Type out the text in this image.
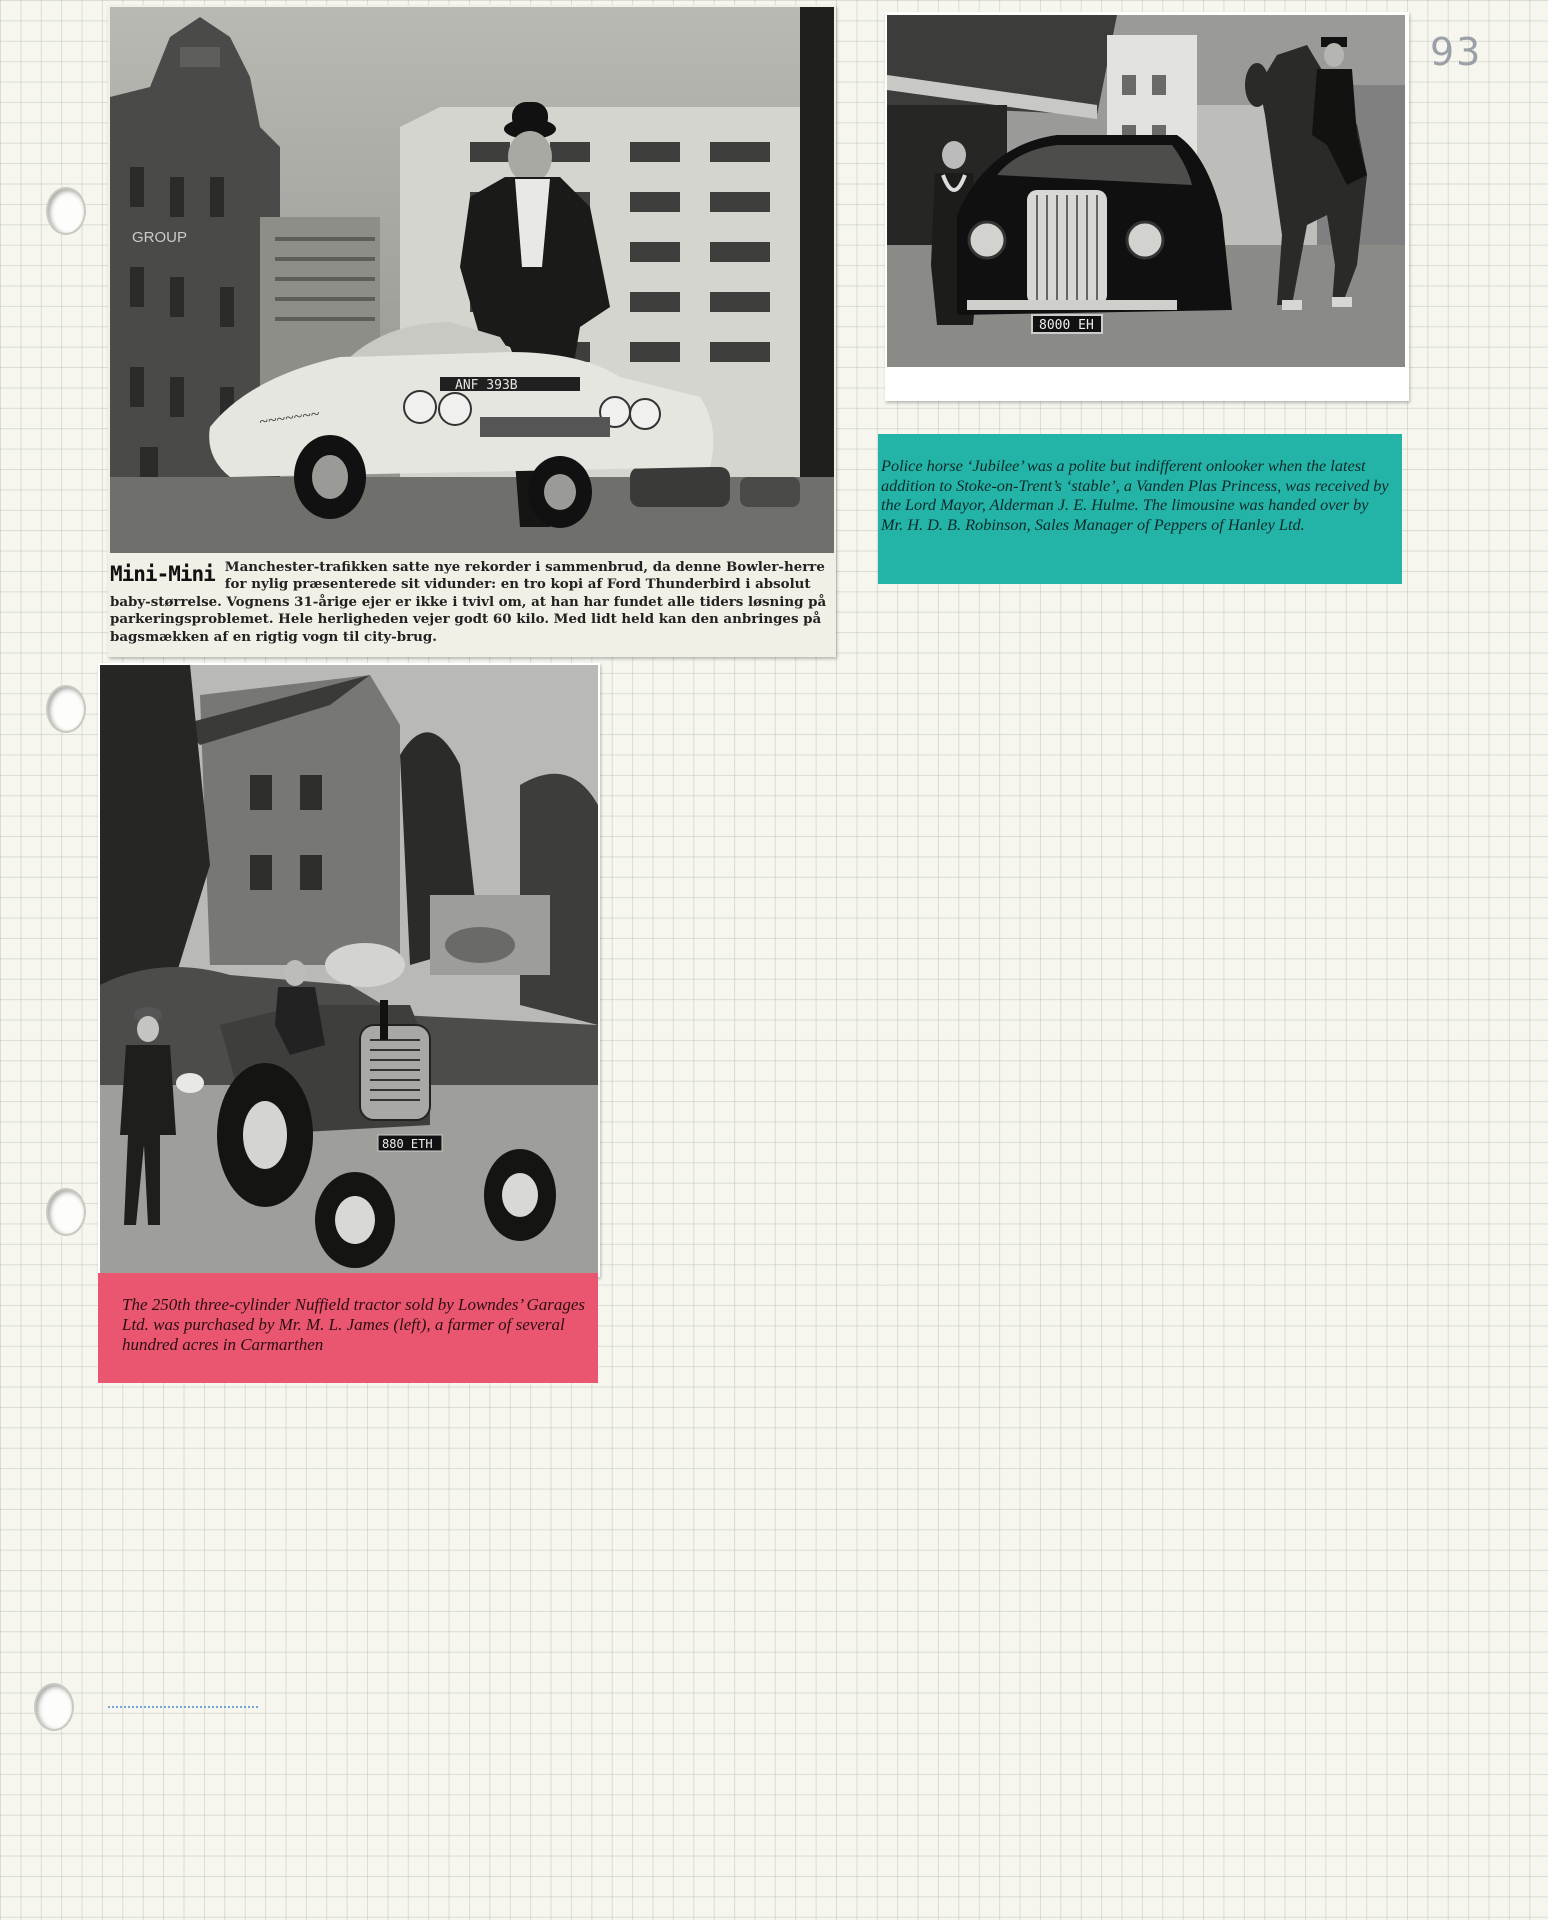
93
GROUP
ANF 393B
~~~~~~~
Mini-Mini Manchester-trafikken satte nye rekorder i sammenbrud, da denne Bowler-herre for nylig præsenterede sit vidunder: en tro kopi af Ford Thunderbird i absolut baby-størrelse. Vognens 31-årige ejer er ikke i tvivl om, at han har fundet alle tiders løsning på parkeringsproblemet. Hele herligheden vejer godt 60 kilo. Med lidt held kan den anbringes på bagsmækken af en rigtig vogn til city-brug.
8000 EH
Police horse ‘Jubilee’ was a polite but indifferent onlooker when the latest addition to Stoke-on-Trent’s ‘stable’, a Vanden Plas Princess, was received by the Lord Mayor, Alderman J. E. Hulme. The limousine was handed over by Mr. H. D. B. Robinson, Sales Manager of Peppers of Hanley Ltd.
880 ETH
The 250th three-cylinder Nuffield tractor sold by Lowndes’ Garages Ltd. was purchased by Mr. M. L. James (left), a farmer of several hundred acres in Carmarthen
